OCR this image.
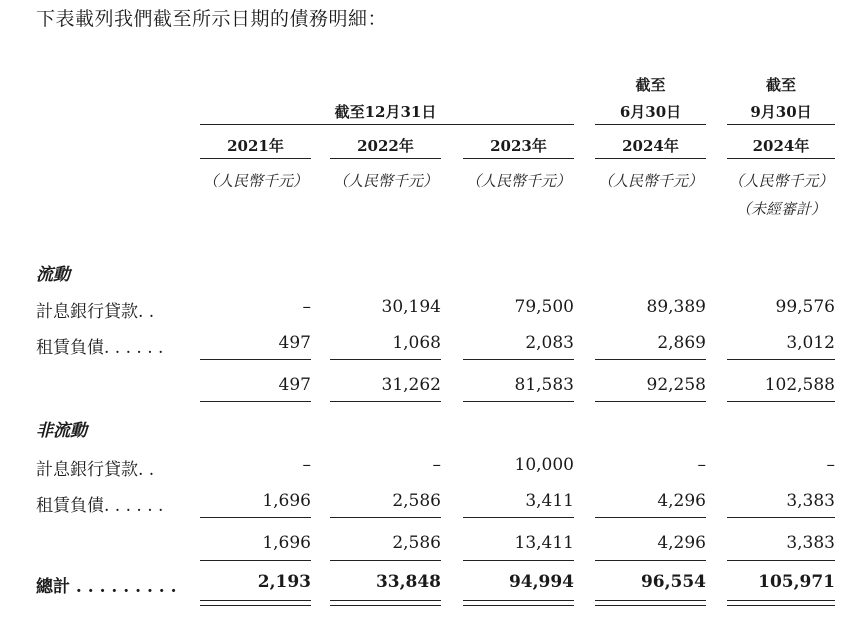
下表載列我們截至所示日期的債務明細：
截至12月31日
截至
6月30日
截至
9月30日
2021年	2022年	2023年	2024年	2024年
（人民幣千元） （人民幣千元） （人民幣千元） （人民幣千元） （人民幣千元）
（未經審計）
流動
計息銀行貸款. .	–	30,194	79,500	89,389	99,576
租賃負債. . . . . .	497	1,068	2,083	2,869	3,012
497	31,262	81,583	92,258	102,588
非流動
計息銀行貸款. .	–	–	10,000	–	–
租賃負債. . . . . .	1,696	2,586	3,411	4,296	3,383
1,696	2,586	13,411	4,296	3,383
總計 . . . . . . . . .	2,193	33,848	94,994	96,554	105,971
